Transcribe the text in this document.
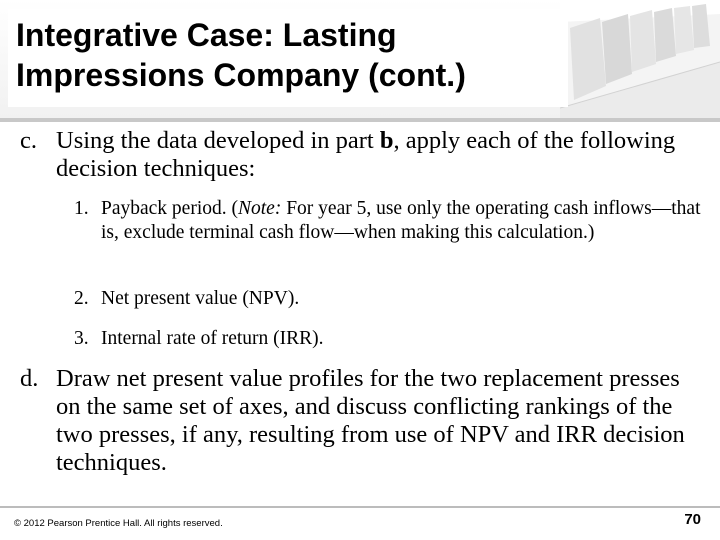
Integrative Case: Lasting Impressions Company (cont.)
c. Using the data developed in part b, apply each of the following decision techniques:
1. Payback period. (Note: For year 5, use only the operating cash inflows—that is, exclude terminal cash flow—when making this calculation.)
2. Net present value (NPV).
3. Internal rate of return (IRR).
d. Draw net present value profiles for the two replacement presses on the same set of axes, and discuss conflicting rankings of the two presses, if any, resulting from use of NPV and IRR decision techniques.
© 2012 Pearson Prentice Hall. All rights reserved.	70
